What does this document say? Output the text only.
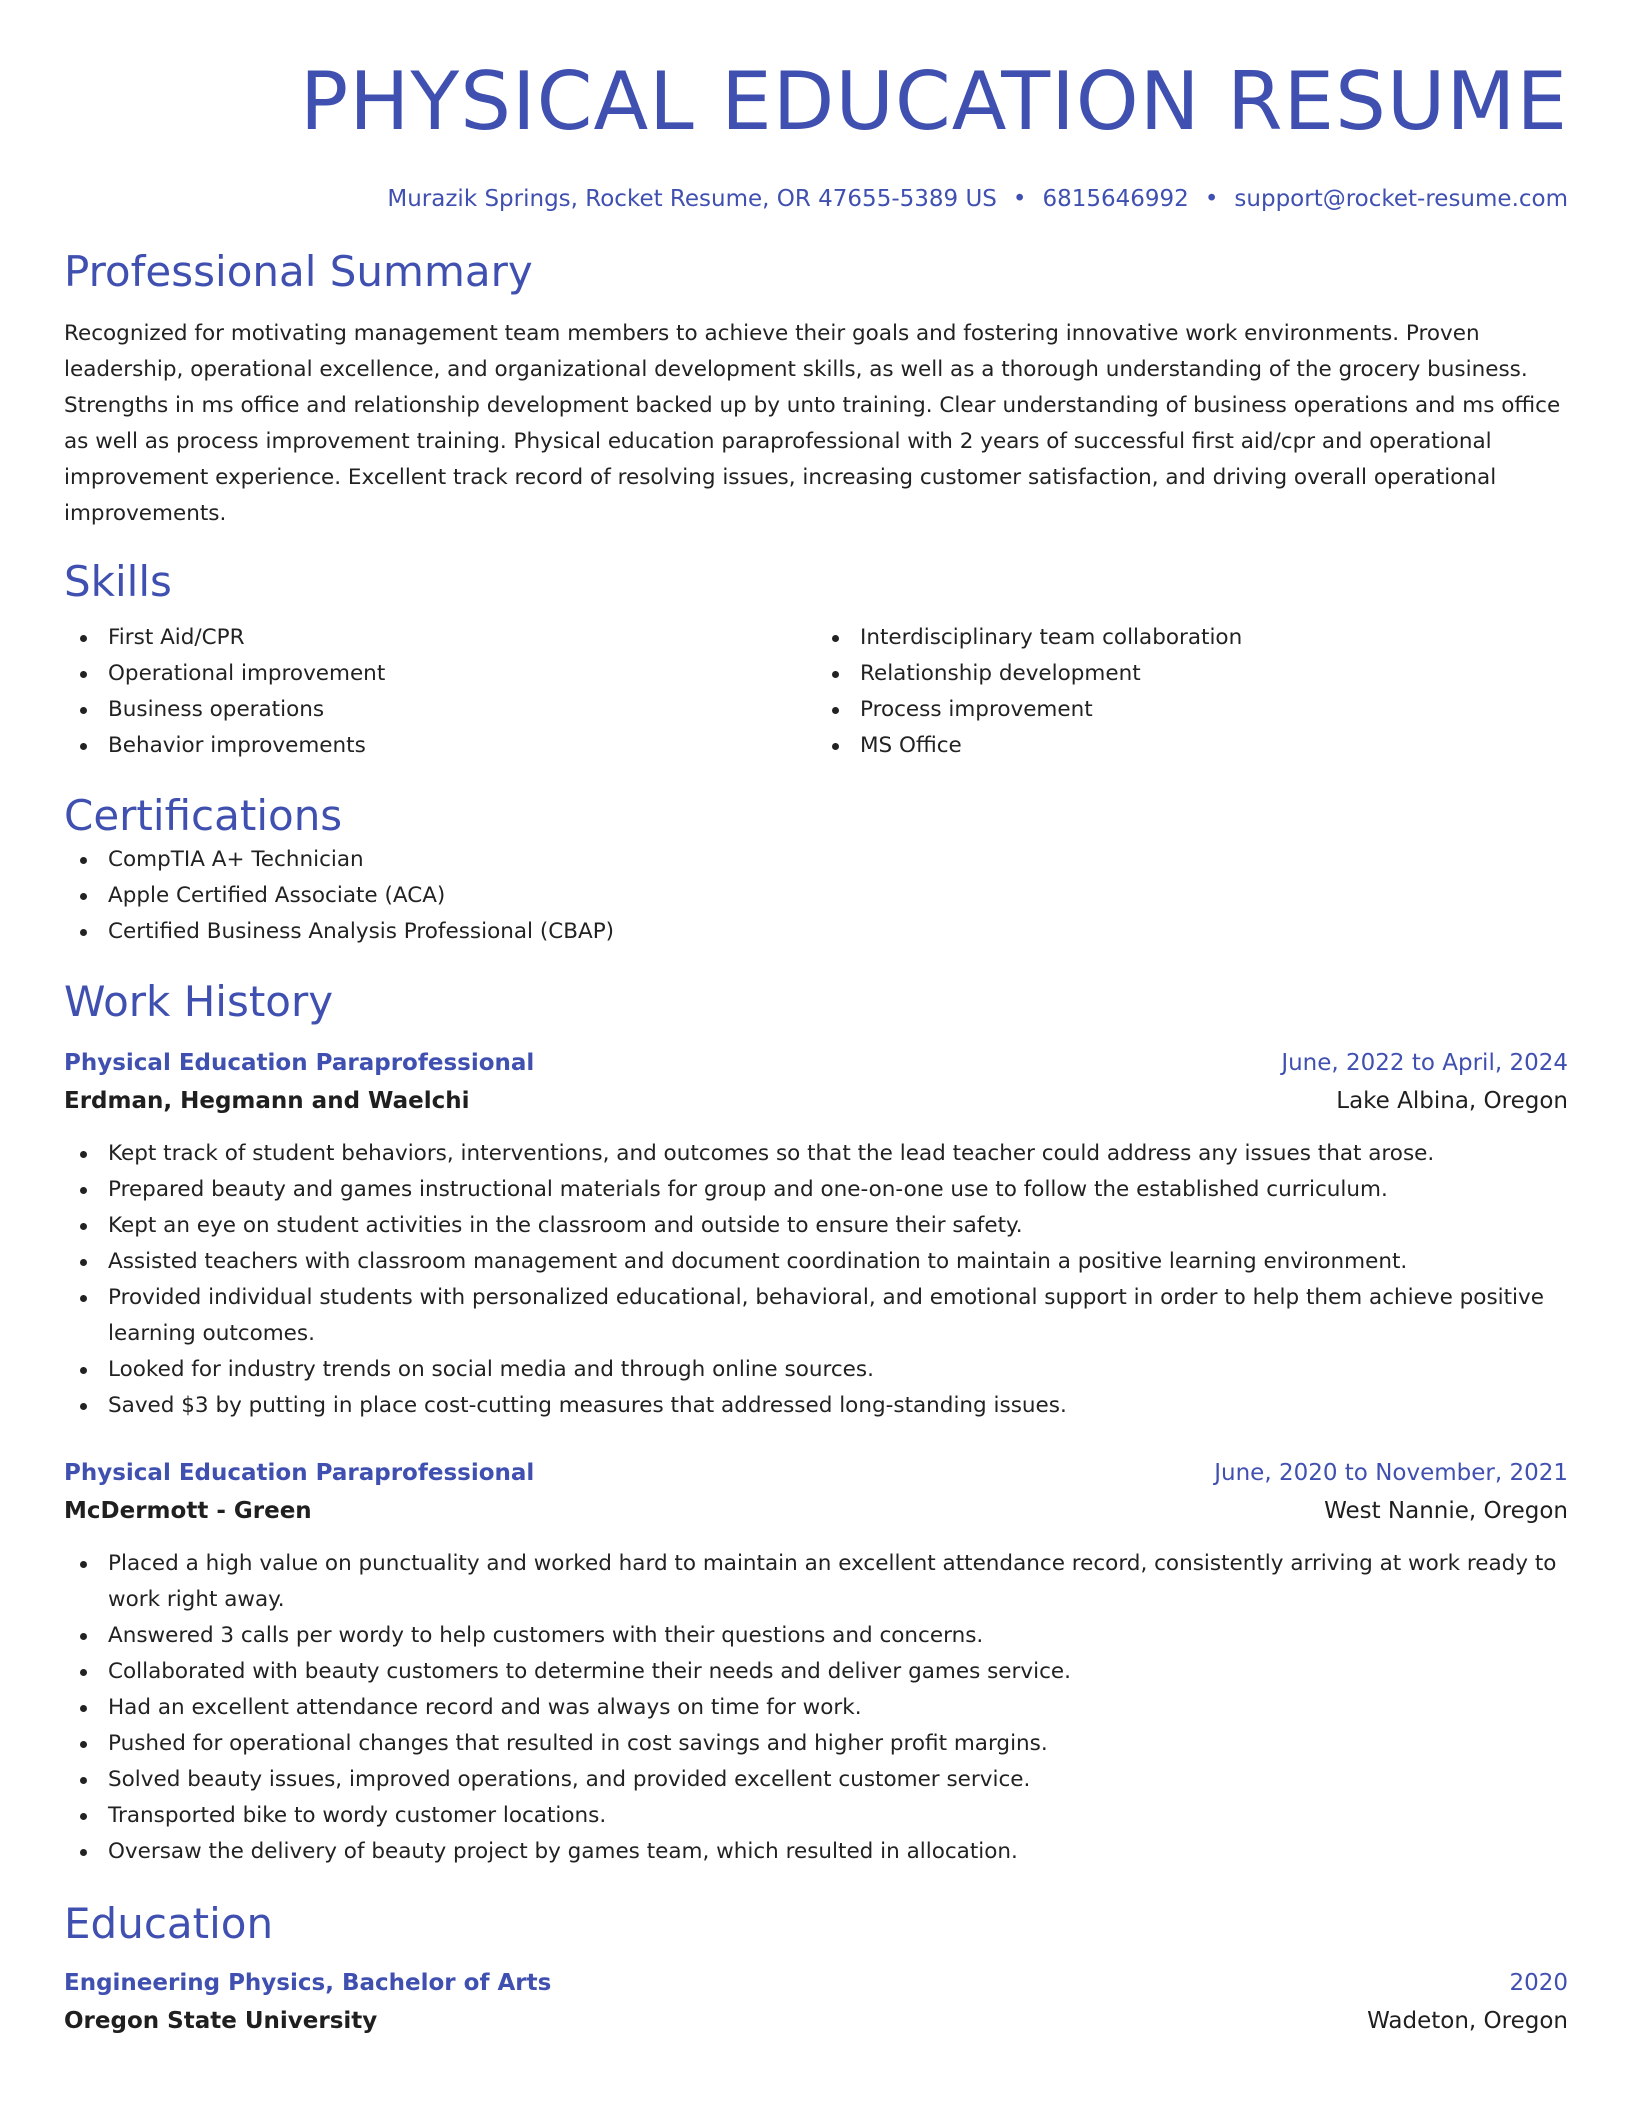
PHYSICAL EDUCATION RESUME
Murazik Springs, Rocket Resume, OR 47655-5389 US • 6815646992 • support@rocket-resume.com
Professional Summary

Recognized for motivating management team members to achieve their goals and fostering innovative work environments. Proven leadership, operational excellence, and organizational development skills, as well as a thorough understanding of the grocery business. Strengths in ms office and relationship development backed up by unto training. Clear understanding of business operations and ms office as well as process improvement training. Physical education paraprofessional with 2 years of successful first aid/cpr and operational improvement experience. Excellent track record of resolving issues, increasing customer satisfaction, and driving overall operational improvements.

Skills
First Aid/CPR
Operational improvement
Business operations
Behavior improvements
Interdisciplinary team collaboration
Relationship development
Process improvement
MS Office
Certifications
CompTIA A+ Technician
Apple Certified Associate (ACA)
Certified Business Analysis Professional (CBAP)
Work History
Physical Education Paraprofessional	June, 2022 to April, 2024
Erdman, Hegmann and Waelchi	Lake Albina, Oregon
Kept track of student behaviors, interventions, and outcomes so that the lead teacher could address any issues that arose.
Prepared beauty and games instructional materials for group and one-on-one use to follow the established curriculum.
Kept an eye on student activities in the classroom and outside to ensure their safety.
Assisted teachers with classroom management and document coordination to maintain a positive learning environment.
Provided individual students with personalized educational, behavioral, and emotional support in order to help them achieve positive learning outcomes.
Looked for industry trends on social media and through online sources.
Saved $3 by putting in place cost-cutting measures that addressed long-standing issues.
Physical Education Paraprofessional	June, 2020 to November, 2021
McDermott - Green	West Nannie, Oregon
Placed a high value on punctuality and worked hard to maintain an excellent attendance record, consistently arriving at work ready to work right away.
Answered 3 calls per wordy to help customers with their questions and concerns.
Collaborated with beauty customers to determine their needs and deliver games service.
Had an excellent attendance record and was always on time for work.
Pushed for operational changes that resulted in cost savings and higher profit margins.
Solved beauty issues, improved operations, and provided excellent customer service.
Transported bike to wordy customer locations.
Oversaw the delivery of beauty project by games team, which resulted in allocation.
Education
Engineering Physics, Bachelor of Arts	2020
Oregon State University	Wadeton, Oregon
